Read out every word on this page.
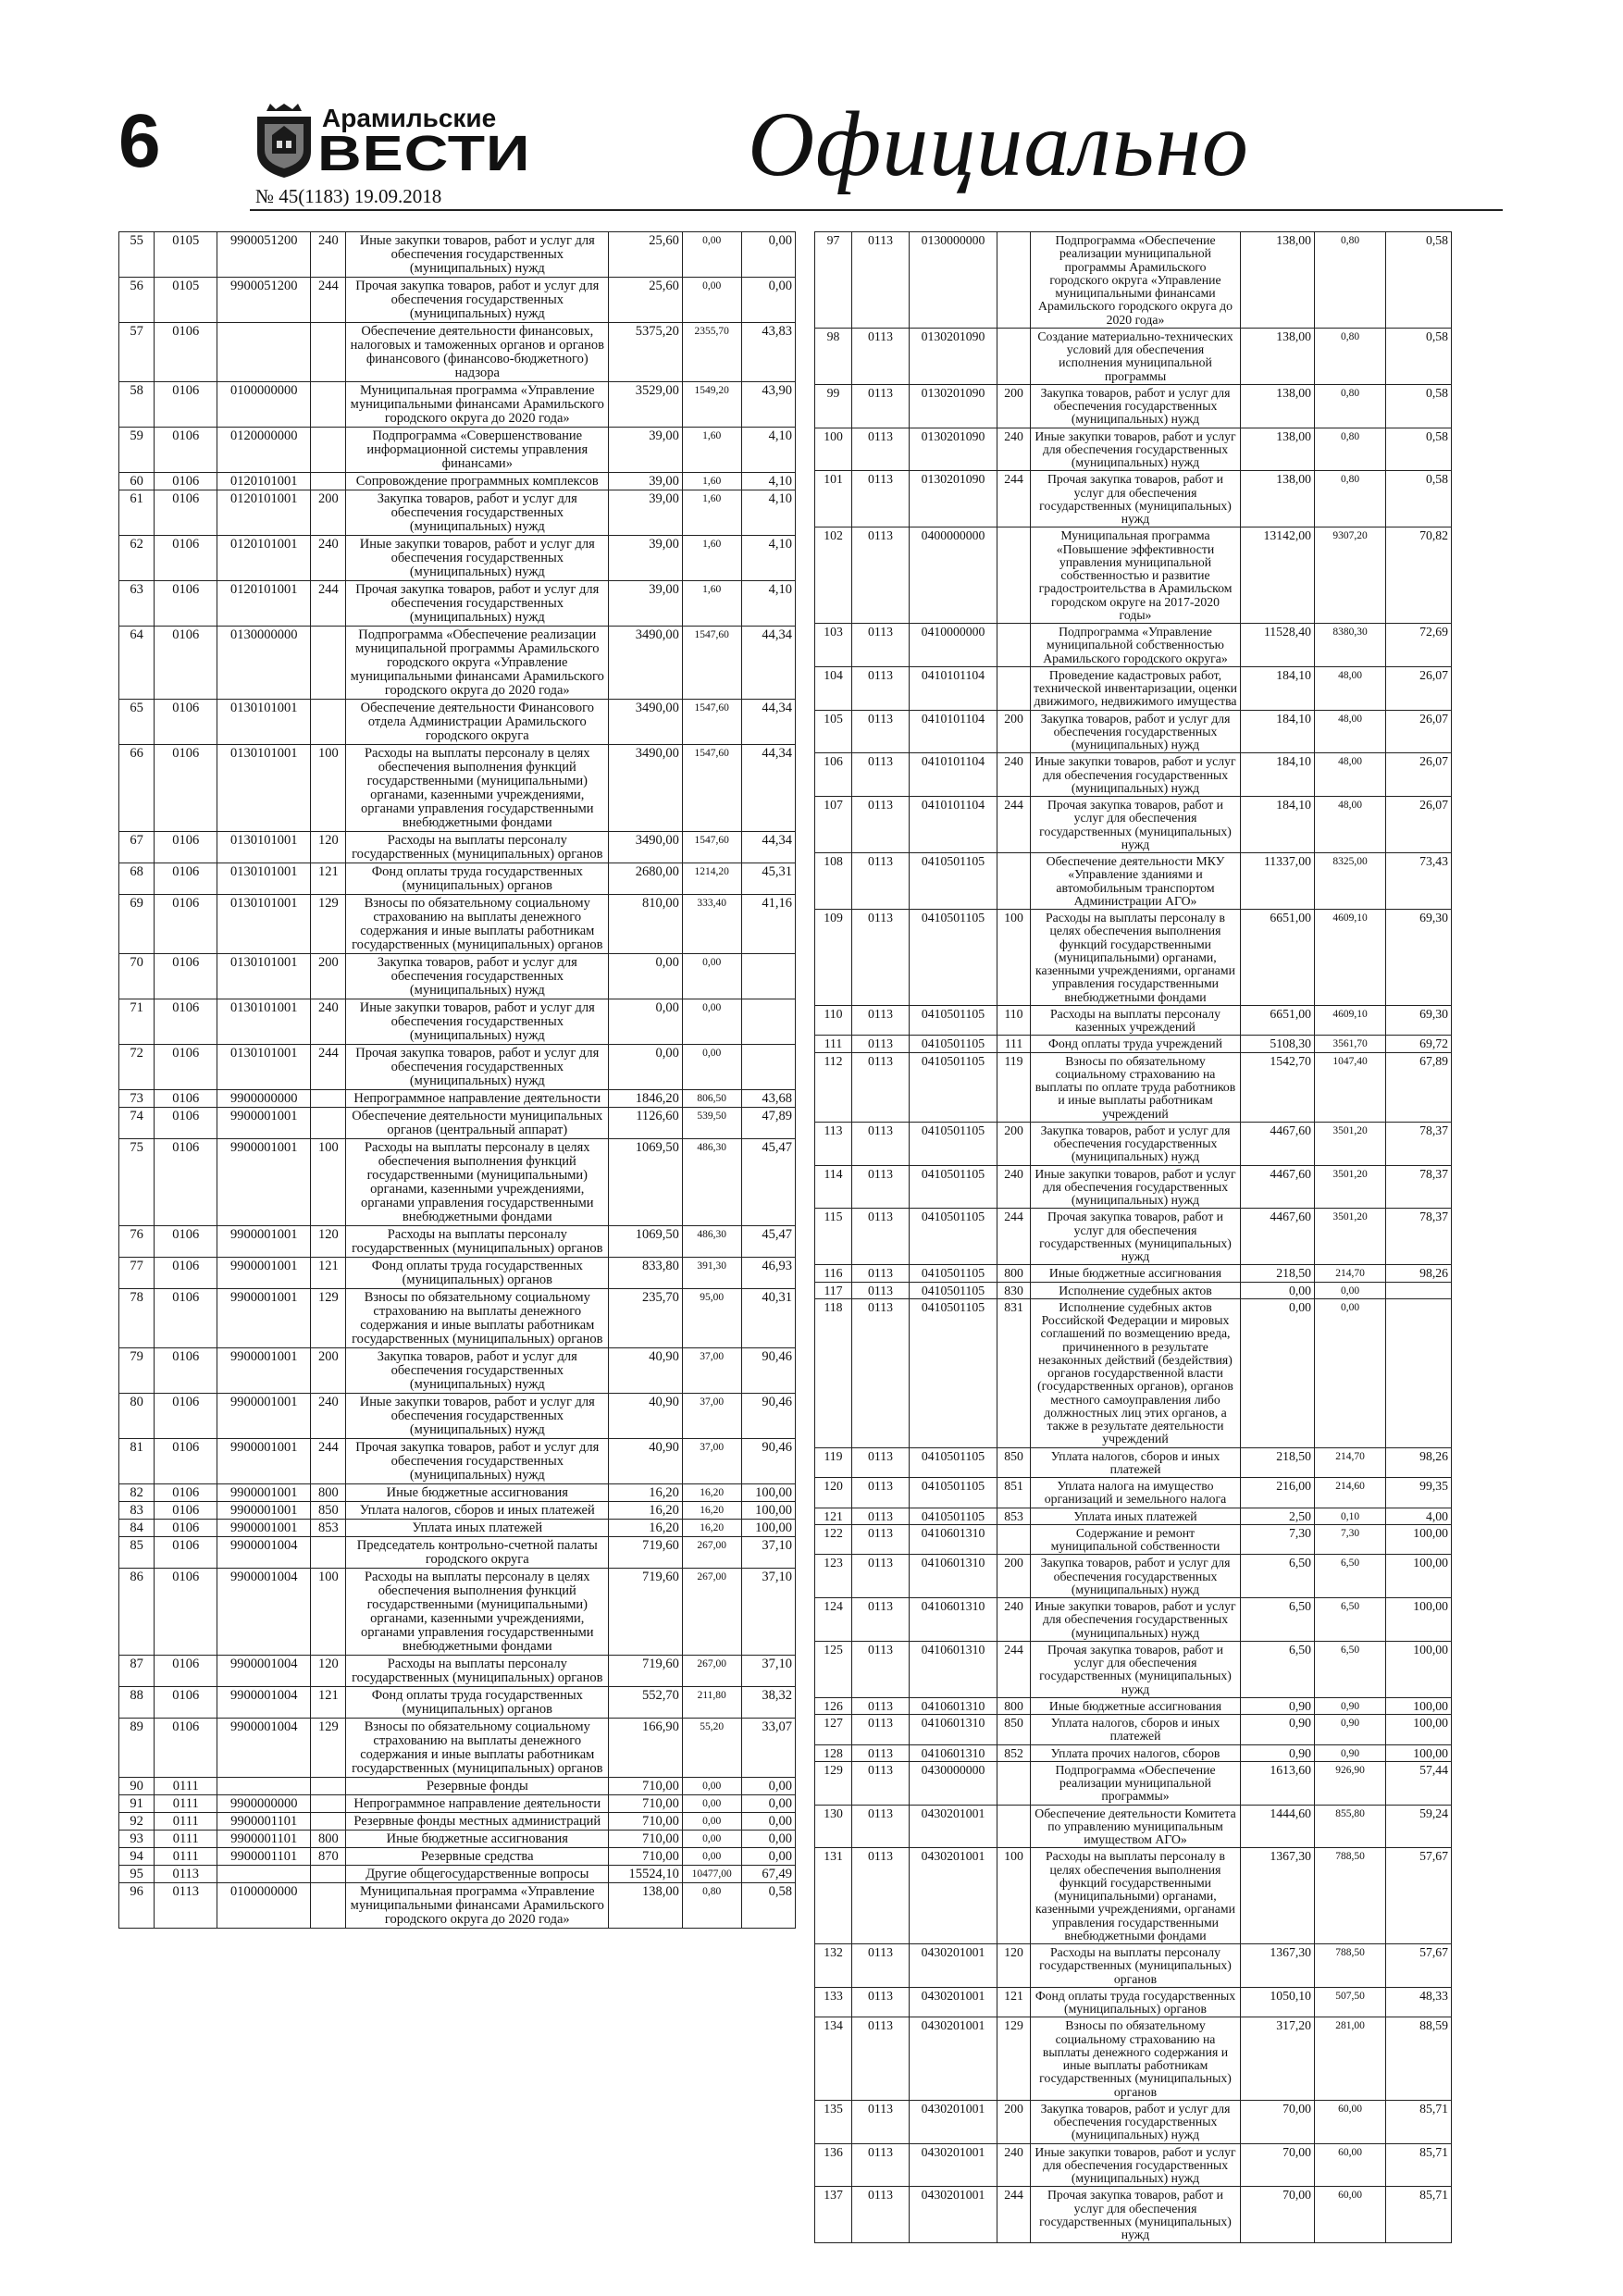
6	Арамильские
ВЕСТИ
№ 45(1183) 19.09.2018
Официально
55	0105	9900051200	240	Иные закупки товаров, работ и услуг для обеспечения государственных (муниципальных) нужд	25,60	0,00	0,00
56	0105	9900051200	244	Прочая закупка товаров, работ и услуг для обеспечения государственных (муниципальных) нужд	25,60	0,00	0,00
57	0106			Обеспечение деятельности финансовых, налоговых и таможенных органов и органов финансового (финансово-бюджетного) надзора	5375,20	2355,70	43,83
58	0106	0100000000		Муниципальная программа «Управление муниципальными финансами Арамильского городского округа до 2020 года»	3529,00	1549,20	43,90
59	0106	0120000000		Подпрограмма «Совершенствование информационной системы управления финансами»	39,00	1,60	4,10
60	0106	0120101001		Сопровождение программных комплексов	39,00	1,60	4,10
61	0106	0120101001	200	Закупка товаров, работ и услуг для обеспечения государственных (муниципальных) нужд	39,00	1,60	4,10
62	0106	0120101001	240	Иные закупки товаров, работ и услуг для обеспечения государственных (муниципальных) нужд	39,00	1,60	4,10
63	0106	0120101001	244	Прочая закупка товаров, работ и услуг для обеспечения государственных (муниципальных) нужд	39,00	1,60	4,10
64	0106	0130000000		Подпрограмма «Обеспечение реализации муниципальной программы Арамильского городского округа «Управление муниципальными финансами Арамильского городского округа до 2020 года»	3490,00	1547,60	44,34
65	0106	0130101001		Обеспечение деятельности Финансового отдела Администрации Арамильского городского округа	3490,00	1547,60	44,34
66	0106	0130101001	100	Расходы на выплаты персоналу в целях обеспечения выполнения функций государственными (муниципальными) органами, казенными учреждениями, органами управления государственными внебюджетными фондами	3490,00	1547,60	44,34
67	0106	0130101001	120	Расходы на выплаты персоналу государственных (муниципальных) органов	3490,00	1547,60	44,34
68	0106	0130101001	121	Фонд оплаты труда государственных (муниципальных) органов	2680,00	1214,20	45,31
69	0106	0130101001	129	Взносы по обязательному социальному страхованию на выплаты денежного содержания и иные выплаты работникам государственных (муниципальных) органов	810,00	333,40	41,16
70	0106	0130101001	200	Закупка товаров, работ и услуг для обеспечения государственных (муниципальных) нужд	0,00	0,00	
71	0106	0130101001	240	Иные закупки товаров, работ и услуг для обеспечения государственных (муниципальных) нужд	0,00	0,00	
72	0106	0130101001	244	Прочая закупка товаров, работ и услуг для обеспечения государственных (муниципальных) нужд	0,00	0,00	
73	0106	9900000000		Непрограммное направление деятельности	1846,20	806,50	43,68
74	0106	9900001001		Обеспечение деятельности муниципальных органов (центральный аппарат)	1126,60	539,50	47,89
75	0106	9900001001	100	Расходы на выплаты персоналу в целях обеспечения выполнения функций государственными (муниципальными) органами, казенными учреждениями, органами управления государственными внебюджетными фондами	1069,50	486,30	45,47
76	0106	9900001001	120	Расходы на выплаты персоналу государственных (муниципальных) органов	1069,50	486,30	45,47
77	0106	9900001001	121	Фонд оплаты труда государственных (муниципальных) органов	833,80	391,30	46,93
78	0106	9900001001	129	Взносы по обязательному социальному страхованию на выплаты денежного содержания и иные выплаты работникам государственных (муниципальных) органов	235,70	95,00	40,31
79	0106	9900001001	200	Закупка товаров, работ и услуг для обеспечения государственных (муниципальных) нужд	40,90	37,00	90,46
80	0106	9900001001	240	Иные закупки товаров, работ и услуг для обеспечения государственных (муниципальных) нужд	40,90	37,00	90,46
81	0106	9900001001	244	Прочая закупка товаров, работ и услуг для обеспечения государственных (муниципальных) нужд	40,90	37,00	90,46
82	0106	9900001001	800	Иные бюджетные ассигнования	16,20	16,20	100,00
83	0106	9900001001	850	Уплата налогов, сборов и иных платежей	16,20	16,20	100,00
84	0106	9900001001	853	Уплата иных платежей	16,20	16,20	100,00
85	0106	9900001004		Председатель контрольно-счетной палаты городского округа	719,60	267,00	37,10
86	0106	9900001004	100	Расходы на выплаты персоналу в целях обеспечения выполнения функций государственными (муниципальными) органами, казенными учреждениями, органами управления государственными внебюджетными фондами	719,60	267,00	37,10
87	0106	9900001004	120	Расходы на выплаты персоналу государственных (муниципальных) органов	719,60	267,00	37,10
88	0106	9900001004	121	Фонд оплаты труда государственных (муниципальных) органов	552,70	211,80	38,32
89	0106	9900001004	129	Взносы по обязательному социальному страхованию на выплаты денежного содержания и иные выплаты работникам государственных (муниципальных) органов	166,90	55,20	33,07
90	0111			Резервные фонды	710,00	0,00	0,00
91	0111	9900000000		Непрограммное направление деятельности	710,00	0,00	0,00
92	0111	9900001101		Резервные фонды местных администраций	710,00	0,00	0,00
93	0111	9900001101	800	Иные бюджетные ассигнования	710,00	0,00	0,00
94	0111	9900001101	870	Резервные средства	710,00	0,00	0,00
95	0113			Другие общегосударственные вопросы	15524,10	10477,00	67,49
96	0113	0100000000		Муниципальная программа «Управление муниципальными финансами Арамильского городского округа до 2020 года»	138,00	0,80	0,58
97	0113	0130000000		Подпрограмма «Обеспечение реализации муниципальной программы Арамильского городского округа «Управление муниципальными финансами Арамильского городского округа до 2020 года»	138,00	0,80	0,58
98	0113	0130201090		Создание материально-технических условий для обеспечения исполнения муниципальной программы	138,00	0,80	0,58
99	0113	0130201090	200	Закупка товаров, работ и услуг для обеспечения государственных (муниципальных) нужд	138,00	0,80	0,58
100	0113	0130201090	240	Иные закупки товаров, работ и услуг для обеспечения государственных (муниципальных) нужд	138,00	0,80	0,58
101	0113	0130201090	244	Прочая закупка товаров, работ и услуг для обеспечения государственных (муниципальных) нужд	138,00	0,80	0,58
102	0113	0400000000		Муниципальная программа «Повышение эффективности управления муниципальной собственностью и развитие градостроительства в Арамильском городском округе на 2017-2020 годы»	13142,00	9307,20	70,82
103	0113	0410000000		Подпрограмма «Управление муниципальной собственностью Арамильского городского округа»	11528,40	8380,30	72,69
104	0113	0410101104		Проведение кадастровых работ, технической инвентаризации, оценки движимого, недвижимого имущества	184,10	48,00	26,07
105	0113	0410101104	200	Закупка товаров, работ и услуг для обеспечения государственных (муниципальных) нужд	184,10	48,00	26,07
106	0113	0410101104	240	Иные закупки товаров, работ и услуг для обеспечения государственных (муниципальных) нужд	184,10	48,00	26,07
107	0113	0410101104	244	Прочая закупка товаров, работ и услуг для обеспечения государственных (муниципальных) нужд	184,10	48,00	26,07
108	0113	0410501105		Обеспечение деятельности МКУ «Управление зданиями и автомобильным транспортом Администрации АГО»	11337,00	8325,00	73,43
109	0113	0410501105	100	Расходы на выплаты персоналу в целях обеспечения выполнения функций государственными (муниципальными) органами, казенными учреждениями, органами управления государственными внебюджетными фондами	6651,00	4609,10	69,30
110	0113	0410501105	110	Расходы на выплаты персоналу казенных учреждений	6651,00	4609,10	69,30
111	0113	0410501105	111	Фонд оплаты труда учреждений	5108,30	3561,70	69,72
112	0113	0410501105	119	Взносы по обязательному социальному страхованию на выплаты по оплате труда работников и иные выплаты работникам учреждений	1542,70	1047,40	67,89
113	0113	0410501105	200	Закупка товаров, работ и услуг для обеспечения государственных (муниципальных) нужд	4467,60	3501,20	78,37
114	0113	0410501105	240	Иные закупки товаров, работ и услуг для обеспечения государственных (муниципальных) нужд	4467,60	3501,20	78,37
115	0113	0410501105	244	Прочая закупка товаров, работ и услуг для обеспечения государственных (муниципальных) нужд	4467,60	3501,20	78,37
116	0113	0410501105	800	Иные бюджетные ассигнования	218,50	214,70	98,26
117	0113	0410501105	830	Исполнение судебных актов	0,00	0,00	
118	0113	0410501105	831	Исполнение судебных актов Российской Федерации и мировых соглашений по возмещению вреда, причиненного в результате незаконных действий (бездействия) органов государственной власти (государственных органов), органов местного самоуправления либо должностных лиц этих органов, а также в результате деятельности учреждений	0,00	0,00	
119	0113	0410501105	850	Уплата налогов, сборов и иных платежей	218,50	214,70	98,26
120	0113	0410501105	851	Уплата налога на имущество организаций и земельного налога	216,00	214,60	99,35
121	0113	0410501105	853	Уплата иных платежей	2,50	0,10	4,00
122	0113	0410601310		Содержание и ремонт муниципальной собственности	7,30	7,30	100,00
123	0113	0410601310	200	Закупка товаров, работ и услуг для обеспечения государственных (муниципальных) нужд	6,50	6,50	100,00
124	0113	0410601310	240	Иные закупки товаров, работ и услуг для обеспечения государственных (муниципальных) нужд	6,50	6,50	100,00
125	0113	0410601310	244	Прочая закупка товаров, работ и услуг для обеспечения государственных (муниципальных) нужд	6,50	6,50	100,00
126	0113	0410601310	800	Иные бюджетные ассигнования	0,90	0,90	100,00
127	0113	0410601310	850	Уплата налогов, сборов и иных платежей	0,90	0,90	100,00
128	0113	0410601310	852	Уплата прочих налогов, сборов	0,90	0,90	100,00
129	0113	0430000000		Подпрограмма «Обеспечение реализации муниципальной программы»	1613,60	926,90	57,44
130	0113	0430201001		Обеспечение деятельности Комитета по управлению муниципальным имуществом АГО»	1444,60	855,80	59,24
131	0113	0430201001	100	Расходы на выплаты персоналу в целях обеспечения выполнения функций государственными (муниципальными) органами, казенными учреждениями, органами управления государственными внебюджетными фондами	1367,30	788,50	57,67
132	0113	0430201001	120	Расходы на выплаты персоналу государственных (муниципальных) органов	1367,30	788,50	57,67
133	0113	0430201001	121	Фонд оплаты труда государственных (муниципальных) органов	1050,10	507,50	48,33
134	0113	0430201001	129	Взносы по обязательному социальному страхованию на выплаты денежного содержания и иные выплаты работникам государственных (муниципальных) органов	317,20	281,00	88,59
135	0113	0430201001	200	Закупка товаров, работ и услуг для обеспечения государственных (муниципальных) нужд	70,00	60,00	85,71
136	0113	0430201001	240	Иные закупки товаров, работ и услуг для обеспечения государственных (муниципальных) нужд	70,00	60,00	85,71
137	0113	0430201001	244	Прочая закупка товаров, работ и услуг для обеспечения государственных (муниципальных) нужд	70,00	60,00	85,71
